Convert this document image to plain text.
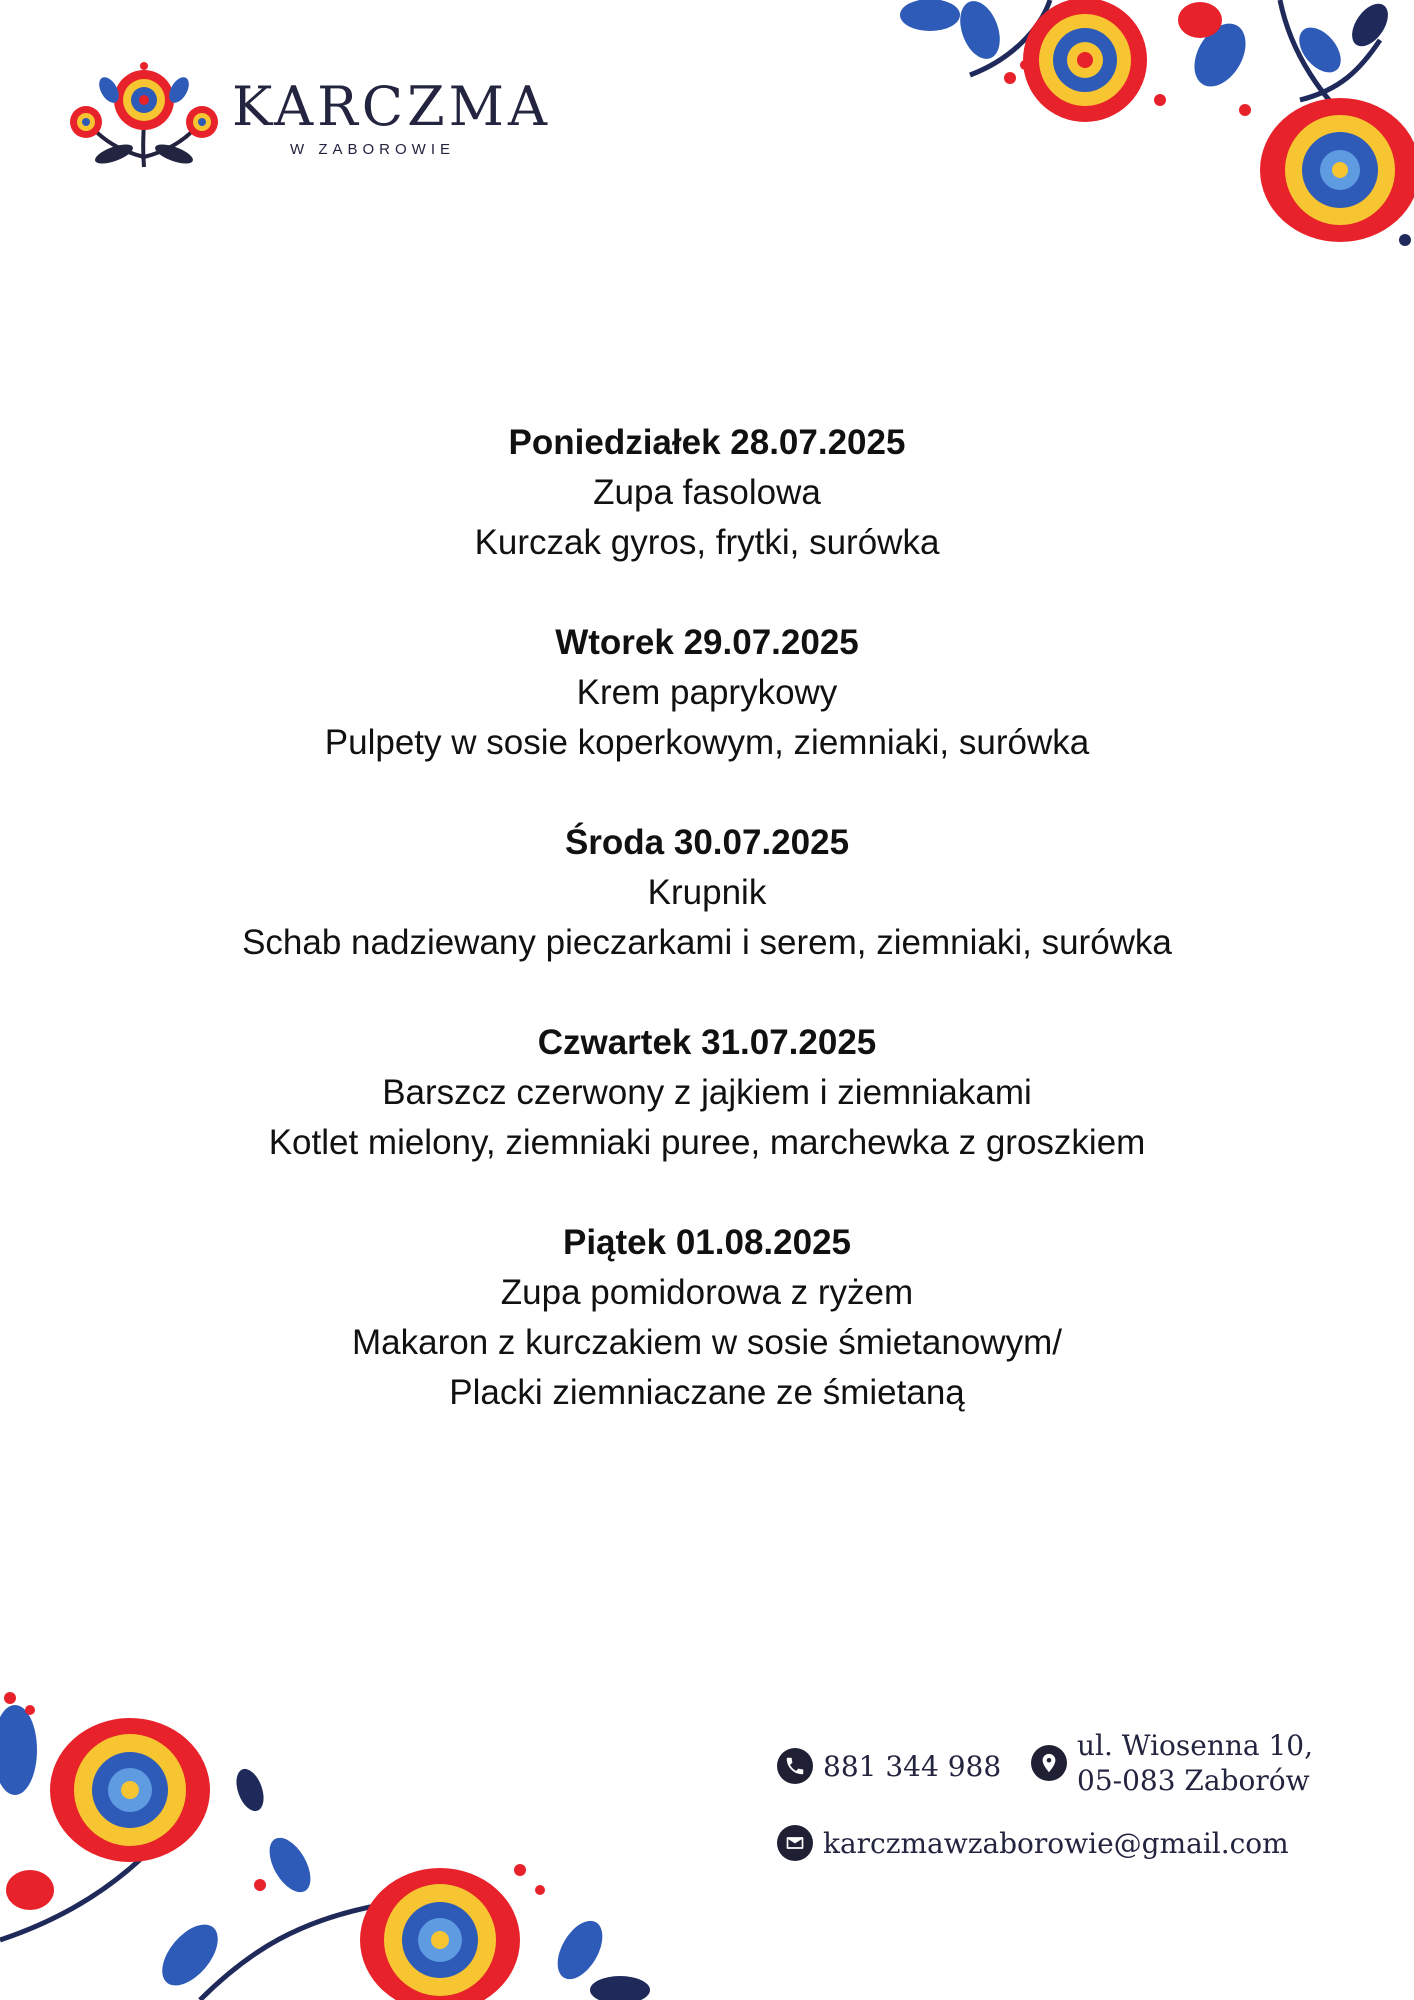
KARCZMA
W ZABOROWIE
Poniedziałek 28.07.2025
Zupa fasolowa
Kurczak gyros, frytki, surówka
Wtorek 29.07.2025
Krem paprykowy
Pulpety w sosie koperkowym, ziemniaki, surówka
Środa 30.07.2025
Krupnik
Schab nadziewany pieczarkami i serem, ziemniaki, surówka
Czwartek 31.07.2025
Barszcz czerwony z jajkiem i ziemniakami
Kotlet mielony, ziemniaki puree, marchewka z groszkiem
Piątek 01.08.2025
Zupa pomidorowa z ryżem
Makaron z kurczakiem w sosie śmietanowym/
Placki ziemniaczane ze śmietaną
881 344 988
ul. Wiosenna 10,
05-083 Zaborów
karczmawzaborowie@gmail.com
